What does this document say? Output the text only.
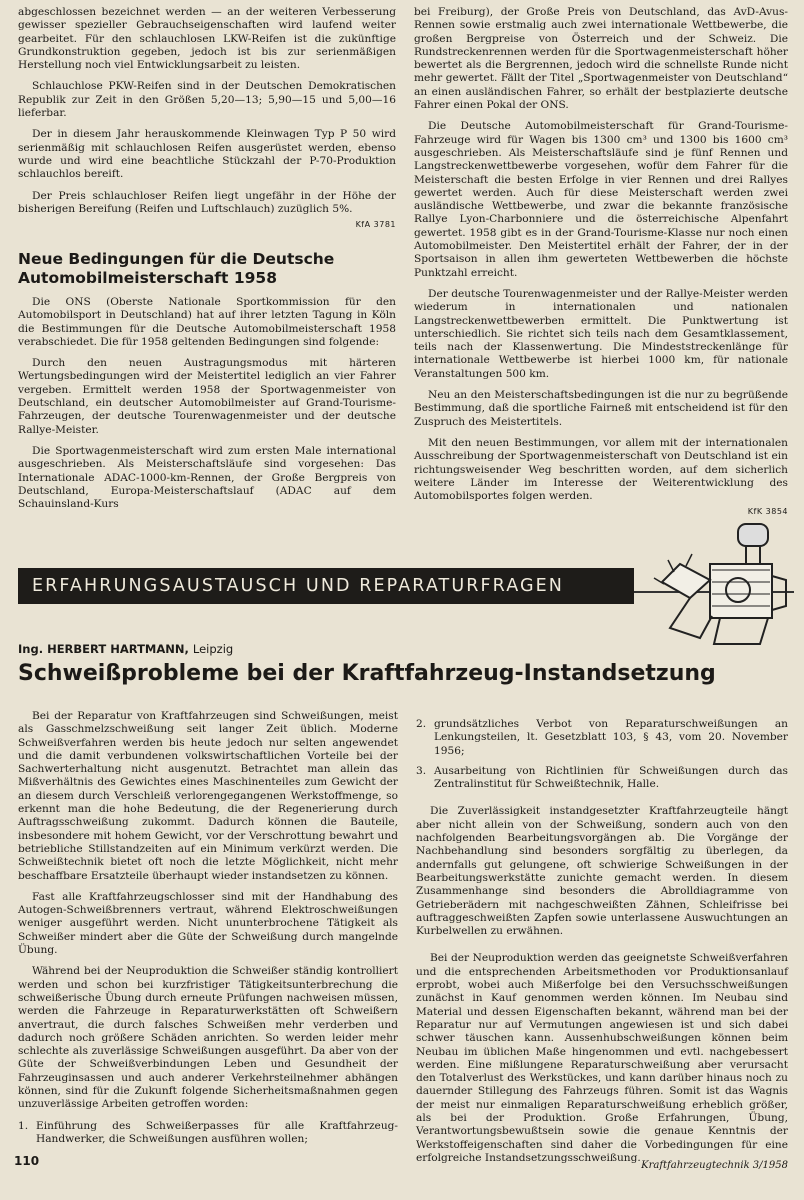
abgeschlossen bezeichnet werden — an der weiteren Verbesserung gewisser spezieller Gebrauchseigenschaften wird laufend weiter gearbeitet. Für den schlauchlosen LKW-Reifen ist die zukünftige Grundkonstruktion gegeben, jedoch ist bis zur serienmäßigen Herstellung noch viel Entwicklungsarbeit zu leisten.

Schlauchlose PKW-Reifen sind in der Deutschen Demokratischen Republik zur Zeit in den Größen 5,20—13; 5,90—15 und 5,00—16 lieferbar.

Der in diesem Jahr herauskommende Kleinwagen Typ P 50 wird serienmäßig mit schlauchlosen Reifen ausgerüstet werden, ebenso wurde und wird eine beachtliche Stückzahl der P-70-Produktion schlauchlos bereift.

Der Preis schlauchloser Reifen liegt ungefähr in der Höhe der bisherigen Bereifung (Reifen und Luftschlauch) zuzüglich 5%.

KfA 3781
Neue Bedingungen für die Deutsche Automobilmeisterschaft 1958

Die ONS (Oberste Nationale Sportkommission für den Automobilsport in Deutschland) hat auf ihrer letzten Tagung in Köln die Bestimmungen für die Deutsche Automobilmeisterschaft 1958 verabschiedet. Die für 1958 geltenden Bedingungen sind folgende:

Durch den neuen Austragungsmodus mit härteren Wertungsbedingungen wird der Meistertitel lediglich an vier Fahrer vergeben. Ermittelt werden 1958 der Sportwagenmeister von Deutschland, ein deutscher Automobilmeister auf Grand-Tourisme-Fahrzeugen, der deutsche Tourenwagenmeister und der deutsche Rallye-Meister.

Die Sportwagenmeisterschaft wird zum ersten Male international ausgeschrieben. Als Meisterschaftsläufe sind vorgesehen: Das Internationale ADAC-1000-km-Rennen, der Große Bergpreis von Deutschland, Europa-Meisterschaftslauf (ADAC auf dem Schauinsland-Kurs

bei Freiburg), der Große Preis von Deutschland, das AvD-Avus-Rennen sowie erstmalig auch zwei internationale Wettbewerbe, die großen Bergpreise von Österreich und der Schweiz. Die Rundstreckenrennen werden für die Sportwagenmeisterschaft höher bewertet als die Bergrennen, jedoch wird die schnellste Runde nicht mehr gewertet. Fällt der Titel „Sportwagenmeister von Deutschland“ an einen ausländischen Fahrer, so erhält der bestplazierte deutsche Fahrer einen Pokal der ONS.

Die Deutsche Automobilmeisterschaft für Grand-Tourisme-Fahrzeuge wird für Wagen bis 1300 cm³ und 1300 bis 1600 cm³ ausgeschrieben. Als Meisterschaftsläufe sind je fünf Rennen und Langstreckenwettbewerbe vorgesehen, wofür dem Fahrer für die Meisterschaft die besten Erfolge in vier Rennen und drei Rallyes gewertet werden. Auch für diese Meisterschaft werden zwei ausländische Wettbewerbe, und zwar die bekannte französische Rallye Lyon-Charbonniere und die österreichische Alpenfahrt gewertet. 1958 gibt es in der Grand-Tourisme-Klasse nur noch einen Automobilmeister. Den Meistertitel erhält der Fahrer, der in der Sportsaison in allen ihm gewerteten Wettbewerben die höchste Punktzahl erreicht.

Der deutsche Tourenwagenmeister und der Rallye-Meister werden wiederum in internationalen und nationalen Langstreckenwettbewerben ermittelt. Die Punktwertung ist unterschiedlich. Sie richtet sich teils nach dem Gesamtklassement, teils nach der Klassenwertung. Die Mindeststreckenlänge für internationale Wettbewerbe ist hierbei 1000 km, für nationale Veranstaltungen 500 km.

Neu an den Meisterschaftsbedingungen ist die nur zu begrüßende Bestimmung, daß die sportliche Fairneß mit entscheidend ist für den Zuspruch des Meistertitels.

Mit den neuen Bestimmungen, vor allem mit der internationalen Ausschreibung der Sportwagenmeisterschaft von Deutschland ist ein richtungsweisender Weg beschritten worden, auf dem sicherlich weitere Länder im Interesse der Weiterentwicklung des Automobilsportes folgen werden.

KfK 3854
ERFAHRUNGSAUSTAUSCH UND REPARATURFRAGEN
Ing. HERBERT HARTMANN, Leipzig
Schweißprobleme bei der Kraftfahrzeug-Instandsetzung

Bei der Reparatur von Kraftfahrzeugen sind Schweißungen, meist als Gasschmelzschweißung seit langer Zeit üblich. Moderne Schweißverfahren werden bis heute jedoch nur selten angewendet und die damit verbundenen volkswirtschaftlichen Vorteile bei der Sachwerterhaltung nicht ausgenutzt. Betrachtet man allein das Mißverhältnis des Gewichtes eines Maschinenteiles zum Gewicht der an diesem durch Verschleiß verlorengegangenen Werkstoffmenge, so erkennt man die hohe Bedeutung, die der Regenerierung durch Auftragsschweißung zukommt. Dadurch können die Bauteile, insbesondere mit hohem Gewicht, vor der Verschrottung bewahrt und betriebliche Stillstandzeiten auf ein Minimum verkürzt werden. Die Schweißtechnik bietet oft noch die letzte Möglichkeit, nicht mehr beschaffbare Ersatzteile überhaupt wieder instandsetzen zu können.

Fast alle Kraftfahrzeugschlosser sind mit der Handhabung des Autogen-Schweißbrenners vertraut, während Elektroschweißungen weniger ausgeführt werden. Nicht ununterbrochene Tätigkeit als Schweißer mindert aber die Güte der Schweißung durch mangelnde Übung.

Während bei der Neuproduktion die Schweißer ständig kontrolliert werden und schon bei kurzfristiger Tätigkeitsunterbrechung die schweißerische Übung durch erneute Prüfungen nachweisen müssen, werden die Fahrzeuge in Reparaturwerkstätten oft Schweißern anvertraut, die durch falsches Schweißen mehr verderben und dadurch noch größere Schäden anrichten. So werden leider mehr schlechte als zuverlässige Schweißungen ausgeführt. Da aber von der Güte der Schweißverbindungen Leben und Gesundheit der Fahrzeuginsassen und auch anderer Verkehrsteilnehmer abhängen können, sind für die Zukunft folgende Sicherheitsmaßnahmen gegen unzuverlässige Arbeiten getroffen worden:

1. Einführung des Schweißerpasses für alle Kraftfahrzeug-Handwerker, die Schweißungen ausführen wollen;
2. grundsätzliches Verbot von Reparaturschweißungen an Lenkungsteilen, lt. Gesetzblatt 103, § 43, vom 20. November 1956;
3. Ausarbeitung von Richtlinien für Schweißungen durch das Zentralinstitut für Schweißtechnik, Halle.

Die Zuverlässigkeit instandgesetzter Kraftfahrzeugteile hängt aber nicht allein von der Schweißung, sondern auch von den nachfolgenden Bearbeitungsvorgängen ab. Die Vorgänge der Nachbehandlung sind besonders sorgfältig zu überlegen, da andernfalls gut gelungene, oft schwierige Schweißungen in der Bearbeitungswerkstätte zunichte gemacht werden. In diesem Zusammenhange sind besonders die Abrolldiagramme von Getrieberädern mit nachgeschweißten Zähnen, Schleifrisse bei auftraggeschweißten Zapfen sowie unterlassene Auswuchtungen an Kurbelwellen zu erwähnen.

Bei der Neuproduktion werden das geeignetste Schweißverfahren und die entsprechenden Arbeitsmethoden vor Produktionsanlauf erprobt, wobei auch Mißerfolge bei den Versuchsschweißungen zunächst in Kauf genommen werden können. Im Neubau sind Material und dessen Eigenschaften bekannt, während man bei der Reparatur nur auf Vermutungen angewiesen ist und sich dabei schwer täuschen kann. Aussenhubschweißungen können beim Neubau im üblichen Maße hingenommen und evtl. nachgebessert werden. Eine mißlungene Reparaturschweißung aber verursacht den Totalverlust des Werkstückes, und kann darüber hinaus noch zu dauernder Stillegung des Fahrzeugs führen. Somit ist das Wagnis der meist nur einmaligen Reparaturschweißung erheblich größer, als bei der Produktion. Große Erfahrungen, Übung, Verantwortungsbewußtsein sowie die genaue Kenntnis der Werkstoffeigenschaften sind daher die Vorbedingungen für eine erfolgreiche Instandsetzungsschweißung.

110	Kraftfahrzeugtechnik 3/1958
